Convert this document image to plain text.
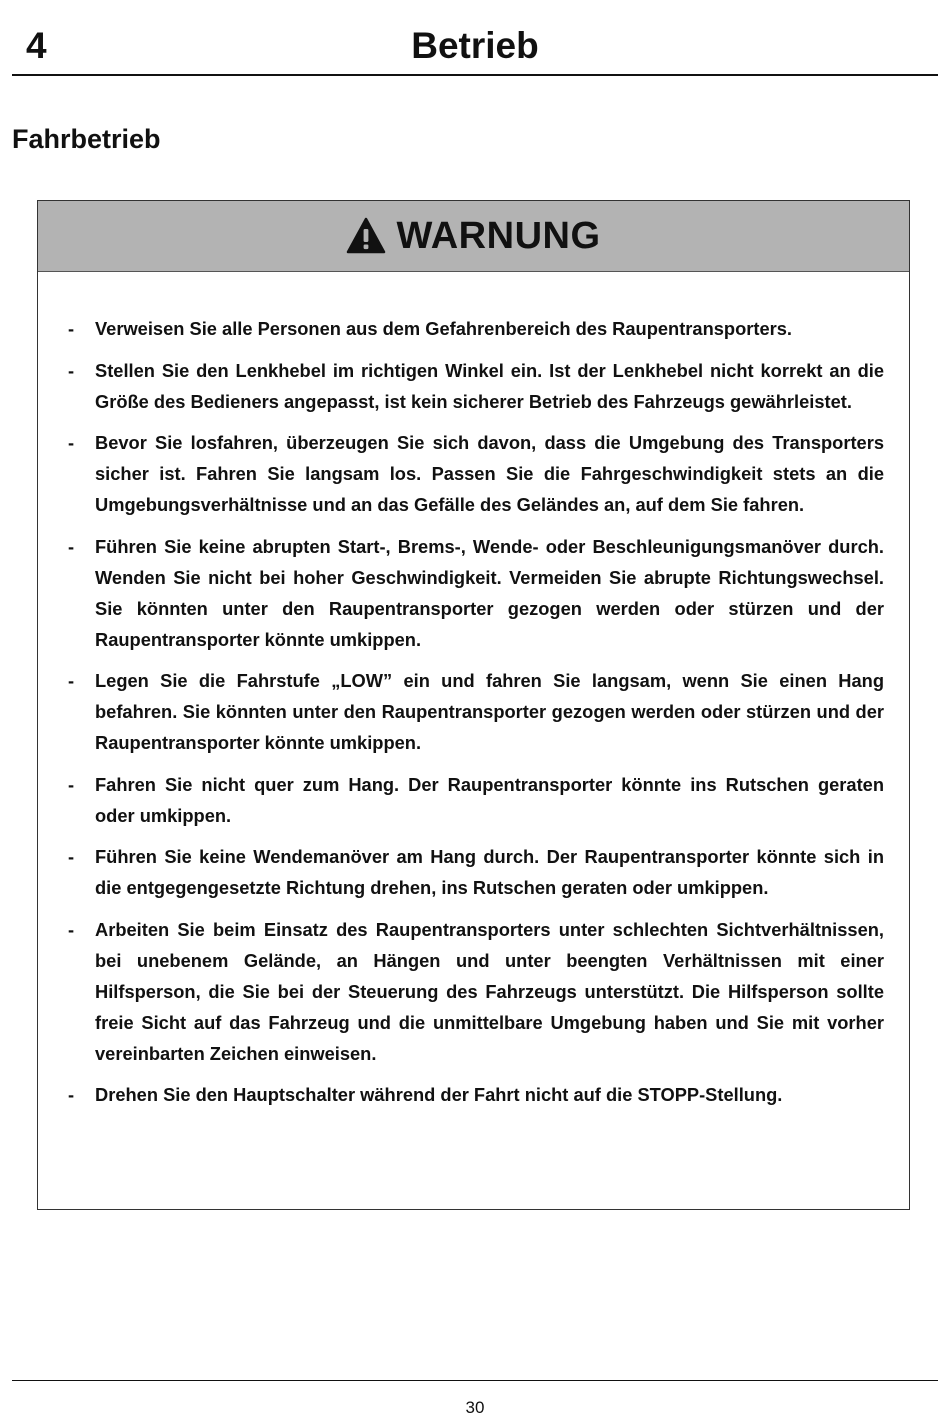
4	Betrieb
Fahrbetrieb
WARNUNG
- Verweisen Sie alle Personen aus dem Gefahrenbereich des Raupentransporters.
- Stellen Sie den Lenkhebel im richtigen Winkel ein. Ist der Lenkhebel nicht korrekt an die Größe des Bedieners angepasst, ist kein sicherer Betrieb des Fahrzeugs gewährleistet.
- Bevor Sie losfahren, überzeugen Sie sich davon, dass die Umgebung des Transporters sicher ist. Fahren Sie langsam los. Passen Sie die Fahrgeschwindigkeit stets an die Umgebungsverhältnisse und an das Gefälle des Geländes an, auf dem Sie fahren.
- Führen Sie keine abrupten Start-, Brems-, Wende- oder Beschleunigungsmanöver durch. Wenden Sie nicht bei hoher Geschwindigkeit. Vermeiden Sie abrupte Richtungswechsel. Sie könnten unter den Raupentransporter gezogen werden oder stürzen und der Raupentransporter könnte umkippen.
- Legen Sie die Fahrstufe „LOW” ein und fahren Sie langsam, wenn Sie einen Hang befahren. Sie könnten unter den Raupentransporter gezogen werden oder stürzen und der Raupentransporter könnte umkippen.
- Fahren Sie nicht quer zum Hang. Der Raupentransporter könnte ins Rutschen geraten oder umkippen.
- Führen Sie keine Wendemanöver am Hang durch. Der Raupentransporter könnte sich in die entgegengesetzte Richtung drehen, ins Rutschen geraten oder umkippen.
- Arbeiten Sie beim Einsatz des Raupentransporters unter schlechten Sichtverhältnissen, bei unebenem Gelände, an Hängen und unter beengten Verhältnissen mit einer Hilfsperson, die Sie bei der Steuerung des Fahrzeugs unterstützt. Die Hilfsperson sollte freie Sicht auf das Fahrzeug und die unmittelbare Umgebung haben und Sie mit vorher vereinbarten Zeichen einweisen.
- Drehen Sie den Hauptschalter während der Fahrt nicht auf die STOPP-Stellung.
30
